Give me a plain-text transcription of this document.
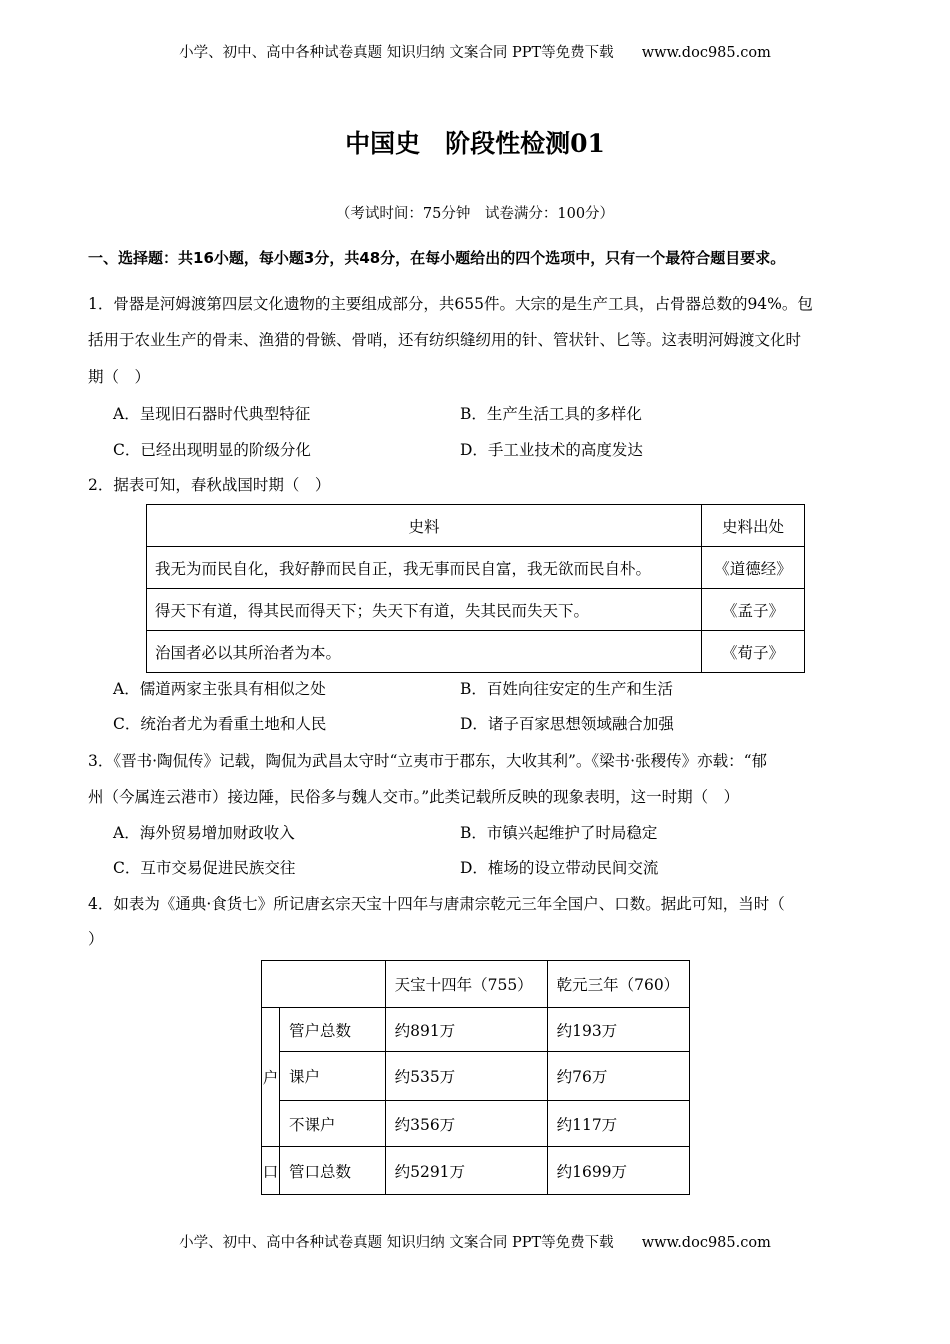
小学、初中、高中各种试卷真题 知识归纳 文案合同 PPT等免费下载 www.doc985.com
中国史　阶段性检测01
（考试时间：75分钟　试卷满分：100分）
一、选择题：共16小题，每小题3分，共48分，在每小题给出的四个选项中，只有一个最符合题目要求。
1．骨器是河姆渡第四层文化遗物的主要组成部分，共655件。大宗的是生产工具，占骨器总数的94%。包
括用于农业生产的骨耒、渔猎的骨镞、骨哨，还有纺织缝纫用的针、管状针、匕等。这表明河姆渡文化时
期（　）
A．呈现旧石器时代典型特征	B．生产生活工具的多样化
C．已经出现明显的阶级分化	D．手工业技术的高度发达
2．据表可知，春秋战国时期（　）
史料	史料出处
我无为而民自化，我好静而民自正，我无事而民自富，我无欲而民自朴。	《道德经》
得天下有道，得其民而得天下；失天下有道，失其民而失天下。	《孟子》
治国者必以其所治者为本。	《荀子》
A．儒道两家主张具有相似之处	B．百姓向往安定的生产和生活
C．统治者尤为看重土地和人民	D．诸子百家思想领域融合加强
3．《晋书·陶侃传》记载，陶侃为武昌太守时“立夷市于郡东，大收其利”。《梁书·张稷传》亦载：“郁
州（今属连云港市）接边陲，民俗多与魏人交市。”此类记载所反映的现象表明，这一时期（　）
A．海外贸易增加财政收入	B．市镇兴起维护了时局稳定
C．互市交易促进民族交往	D．榷场的设立带动民间交流
4．如表为《通典·食货七》所记唐玄宗天宝十四年与唐肃宗乾元三年全国户、口数。据此可知，当时（
）
		天宝十四年（755）	乾元三年（760）
户	管户总数	约891万	约193万
	课户	约535万	约76万
	不课户	约356万	约117万
口	管口总数	约5291万	约1699万
小学、初中、高中各种试卷真题 知识归纳 文案合同 PPT等免费下载 www.doc985.com
